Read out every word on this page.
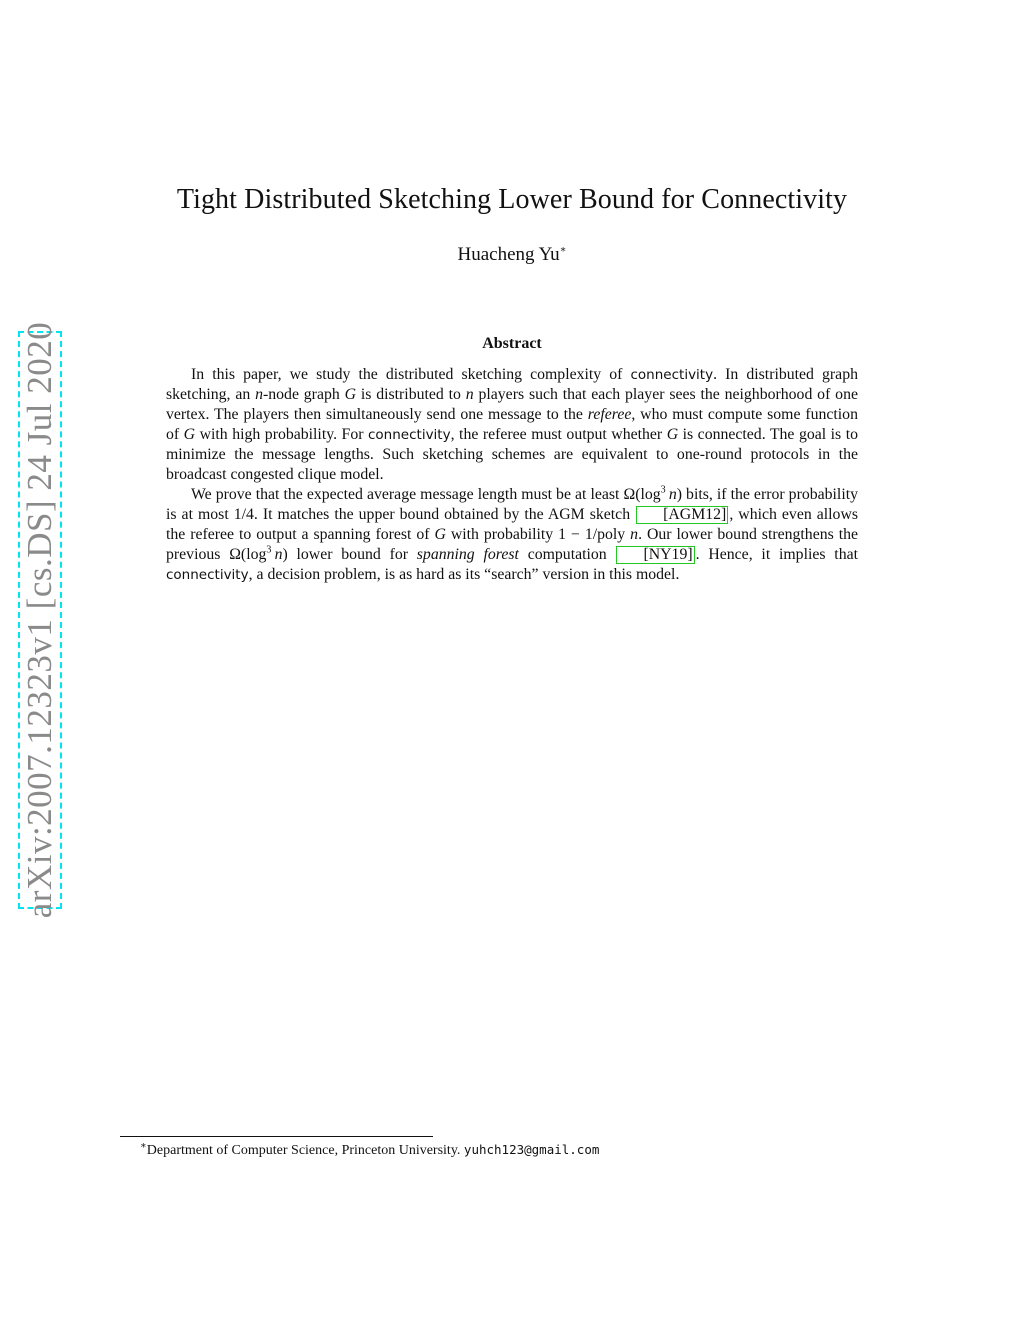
arXiv:2007.12323v1 [cs.DS] 24 Jul 2020
Tight Distributed Sketching Lower Bound for Connectivity
Huacheng Yu∗
Abstract

In this paper, we study the distributed sketching complexity of connectivity. In distributed graph sketching, an n-node graph G is distributed to n players such that each player sees the neighborhood of one vertex. The players then simultaneously send one message to the referee, who must compute some function of G with high probability. For connectivity, the referee must output whether G is connected. The goal is to minimize the message lengths. Such sketching schemes are equivalent to one-round protocols in the broadcast congested clique model.

We prove that the expected average message length must be at least $\Omega(\log^3$  n) bits, if the error probability is at most 1/4. It matches the upper bound obtained by the AGM sketch [AGM12] , which even allows the referee to output a spanning forest of G with probability 1 − 1/poly n. Our lower bound strengthens the previous $\Omega(\log^3$  n) lower bound for spanning forest computation [NY19] . Hence, it implies that connectivity, a decision problem, is as hard as its “search” version in this model.

∗Department of Computer Science, Princeton University. yuhch123@gmail.com
